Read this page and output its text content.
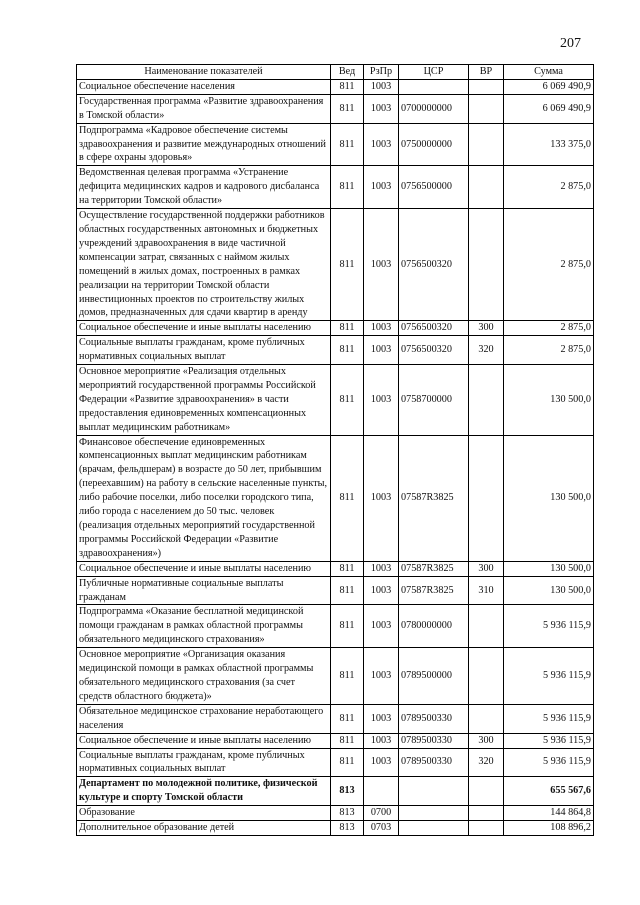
207
Наименование показателей	Вед	РзПр	ЦСР	ВР	Сумма
Социальное обеспечение населения	811	1003			6 069 490,9
Государственная программа «Развитие здравоохранения в Томской области»	811	1003	0700000000		6 069 490,9
Подпрограмма «Кадровое обеспечение системы здравоохранения и развитие международных отношений в сфере охраны здоровья»	811	1003	0750000000		133 375,0
Ведомственная целевая программа «Устранение дефицита медицинских кадров и кадрового дисбаланса на территории Томской области»	811	1003	0756500000		2 875,0
Осуществление государственной поддержки работников областных государственных автономных и бюджетных учреждений здравоохранения в виде частичной компенсации затрат, связанных с наймом жилых помещений в жилых домах, построенных в рамках реализации на территории Томской области инвестиционных проектов по строительству жилых домов, предназначенных для сдачи квартир в аренду	811	1003	0756500320		2 875,0
Социальное обеспечение и иные выплаты населению	811	1003	0756500320	300	2 875,0
Социальные выплаты гражданам, кроме публичных нормативных социальных выплат	811	1003	0756500320	320	2 875,0
Основное мероприятие «Реализация отдельных мероприятий государственной программы Российской Федерации «Развитие здравоохранения» в части предоставления единовременных компенсационных выплат медицинским работникам»	811	1003	0758700000		130 500,0
Финансовое обеспечение единовременных компенсационных выплат медицинским работникам (врачам, фельдшерам) в возрасте до 50 лет, прибывшим (переехавшим) на работу в сельские населенные пункты, либо рабочие поселки, либо поселки городского типа, либо города с населением до 50 тыс. человек (реализация отдельных мероприятий государственной программы Российской Федерации «Развитие здравоохранения»)	811	1003	07587R3825		130 500,0
Социальное обеспечение и иные выплаты населению	811	1003	07587R3825	300	130 500,0
Публичные нормативные социальные выплаты гражданам	811	1003	07587R3825	310	130 500,0
Подпрограмма «Оказание бесплатной медицинской помощи гражданам в рамках областной программы обязательного медицинского страхования»	811	1003	0780000000		5 936 115,9
Основное мероприятие «Организация оказания медицинской помощи в рамках областной программы обязательного медицинского страхования (за счет средств областного бюджета)»	811	1003	0789500000		5 936 115,9
Обязательное медицинское страхование неработающего населения	811	1003	0789500330		5 936 115,9
Социальное обеспечение и иные выплаты населению	811	1003	0789500330	300	5 936 115,9
Социальные выплаты гражданам, кроме публичных нормативных социальных выплат	811	1003	0789500330	320	5 936 115,9
Департамент по молодежной политике, физической культуре и спорту Томской области	813				655 567,6
Образование	813	0700			144 864,8
Дополнительное образование детей	813	0703			108 896,2
